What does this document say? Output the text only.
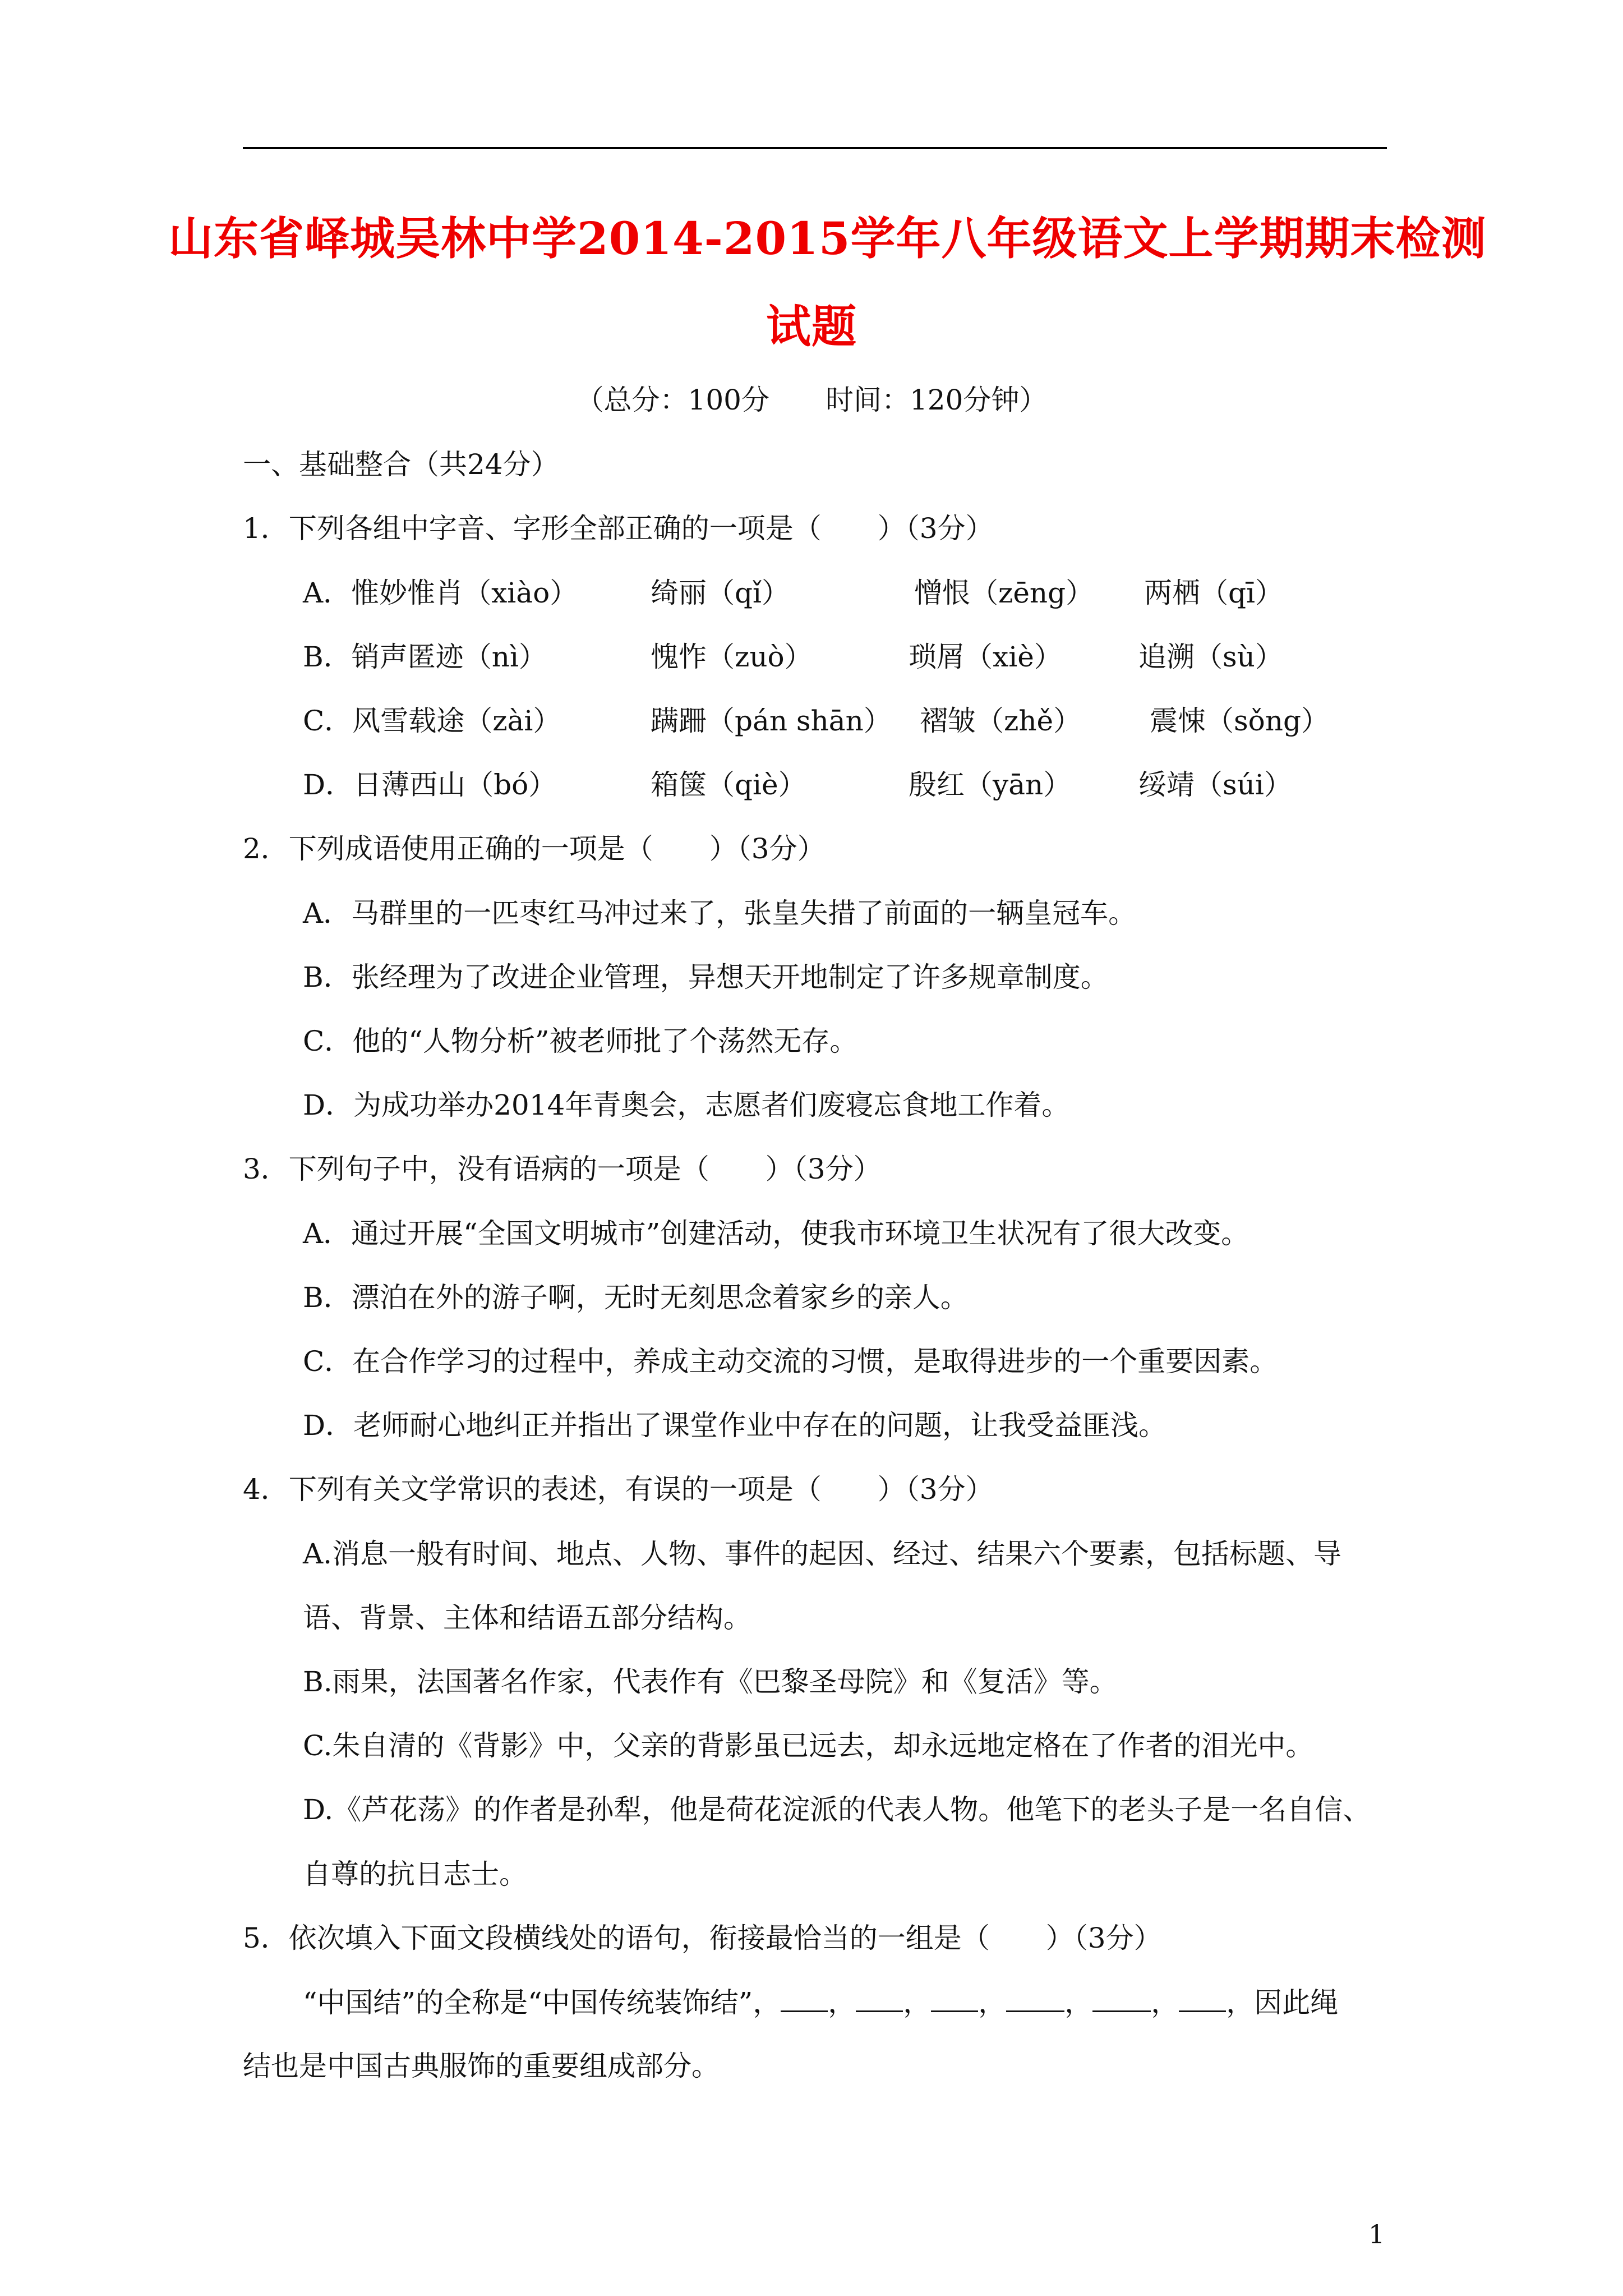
山东省峄城吴林中学2014-2015学年八年级语文上学期期末检测
试题
（总分：100分 时间：120分钟）
一、基础整合（共24分）
1．下列各组中字音、字形全部正确的一项是（　　）（3分）
A．惟妙惟肖（xiào）	绮丽（qǐ）	憎恨（zēng） 两栖（qī）
B．销声匿迹（nì）	愧怍（zuò）	琐屑（xiè）	追溯（sù）
C．风雪载途（zài）	蹒跚（pán shān） 褶皱（zhě） 震悚（sǒng）
D．日薄西山（bó）	箱箧（qiè）	殷红（yān） 绥靖（súi）
2．下列成语使用正确的一项是（　　）（3分）
A．马群里的一匹枣红马冲过来了，张皇失措了前面的一辆皇冠车。
B．张经理为了改进企业管理，异想天开地制定了许多规章制度。
C．他的“人物分析”被老师批了个荡然无存。
D．为成功举办2014年青奥会，志愿者们废寝忘食地工作着。
3．下列句子中，没有语病的一项是（　　）（3分）
A．通过开展“全国文明城市”创建活动，使我市环境卫生状况有了很大改变。
B．漂泊在外的游子啊，无时无刻思念着家乡的亲人。
C．在合作学习的过程中，养成主动交流的习惯，是取得进步的一个重要因素。
D．老师耐心地纠正并指出了课堂作业中存在的问题，让我受益匪浅。
4．下列有关文学常识的表述，有误的一项是（　　）（3分）
A.消息一般有时间、地点、人物、事件的起因、经过、结果六个要素，包括标题、导
语、背景、主体和结语五部分结构。
B.雨果，法国著名作家，代表作有《巴黎圣母院》和《复活》等。
C.朱自清的《背影》中，父亲的背影虽已远去，却永远地定格在了作者的泪光中。
D.《芦花荡》的作者是孙犁，他是荷花淀派的代表人物。他笔下的老头子是一名自信、
自尊的抗日志士。
5．依次填入下面文段横线处的语句，衔接最恰当的一组是（　　）（3分）
“中国结”的全称是“中国传统装饰结”， ， ， ， ， ， ，因此绳
结也是中国古典服饰的重要组成部分。
1
